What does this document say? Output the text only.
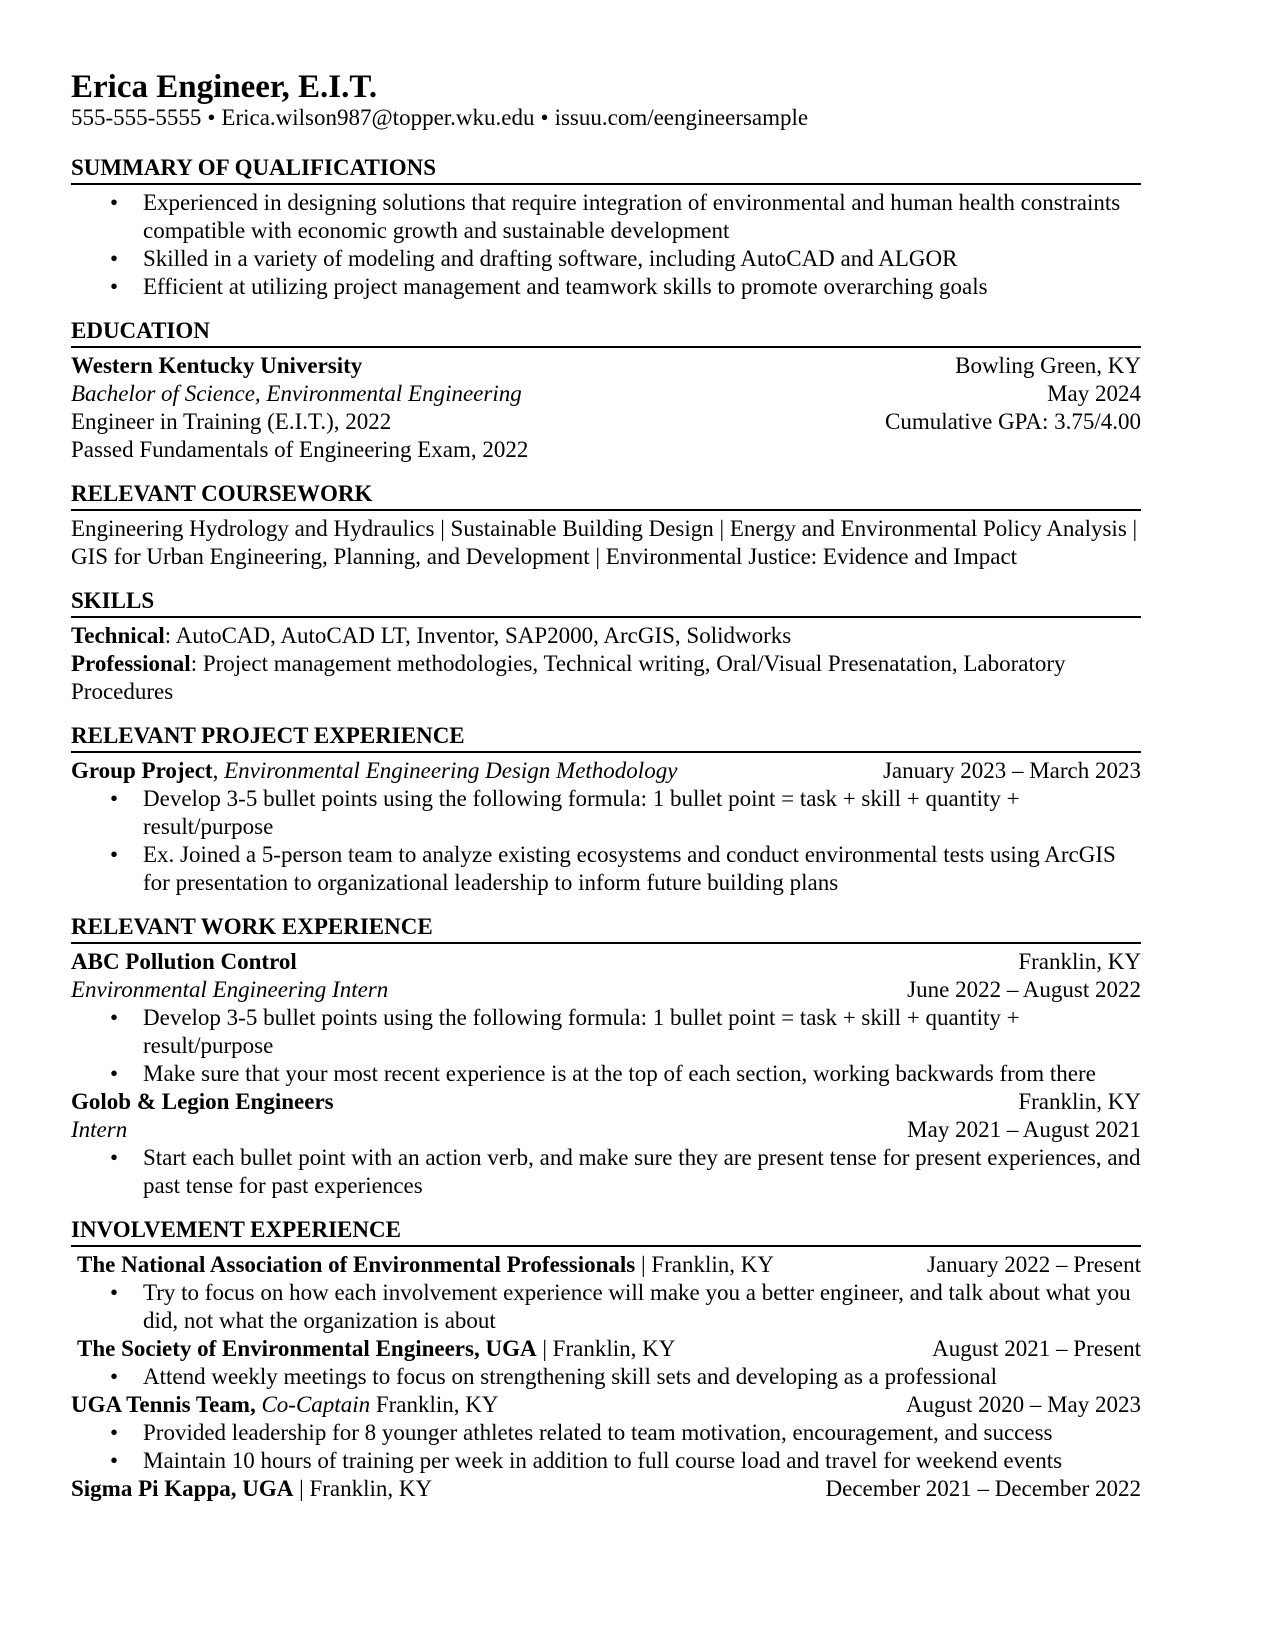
Erica Engineer, E.I.T.
555-555-5555 • Erica.wilson987@topper.wku.edu • issuu.com/eengineersample
SUMMARY OF QUALIFICATIONS
• Experienced in designing solutions that require integration of environmental and human health constraints compatible with economic growth and sustainable development
• Skilled in a variety of modeling and drafting software, including AutoCAD and ALGOR
• Efficient at utilizing project management and teamwork skills to promote overarching goals
EDUCATION
Western Kentucky University	Bowling Green, KY
Bachelor of Science, Environmental Engineering	May 2024
Engineer in Training (E.I.T.), 2022	Cumulative GPA: 3.75/4.00
Passed Fundamentals of Engineering Exam, 2022
RELEVANT COURSEWORK
Engineering Hydrology and Hydraulics | Sustainable Building Design | Energy and Environmental Policy Analysis | GIS for Urban Engineering, Planning, and Development | Environmental Justice: Evidence and Impact
SKILLS
Technical: AutoCAD, AutoCAD LT, Inventor, SAP2000, ArcGIS, Solidworks
Professional: Project management methodologies, Technical writing, Oral/Visual Presenatation, Laboratory Procedures
RELEVANT PROJECT EXPERIENCE
Group Project, Environmental Engineering Design Methodology	January 2023 – March 2023
• Develop 3-5 bullet points using the following formula: 1 bullet point = task + skill + quantity + result/purpose
• Ex. Joined a 5-person team to analyze existing ecosystems and conduct environmental tests using ArcGIS for presentation to organizational leadership to inform future building plans
RELEVANT WORK EXPERIENCE
ABC Pollution Control	Franklin, KY
Environmental Engineering Intern	June 2022 – August 2022
• Develop 3-5 bullet points using the following formula: 1 bullet point = task + skill + quantity + result/purpose
• Make sure that your most recent experience is at the top of each section, working backwards from there
Golob & Legion Engineers	Franklin, KY
Intern	May 2021 – August 2021
• Start each bullet point with an action verb, and make sure they are present tense for present experiences, and past tense for past experiences
INVOLVEMENT EXPERIENCE
The National Association of Environmental Professionals | Franklin, KY	January 2022 – Present
• Try to focus on how each involvement experience will make you a better engineer, and talk about what you did, not what the organization is about
The Society of Environmental Engineers, UGA | Franklin, KY	August 2021 – Present
• Attend weekly meetings to focus on strengthening skill sets and developing as a professional
UGA Tennis Team, Co-Captain Franklin, KY	August 2020 – May 2023
• Provided leadership for 8 younger athletes related to team motivation, encouragement, and success
• Maintain 10 hours of training per week in addition to full course load and travel for weekend events
Sigma Pi Kappa, UGA | Franklin, KY	December 2021 – December 2022
